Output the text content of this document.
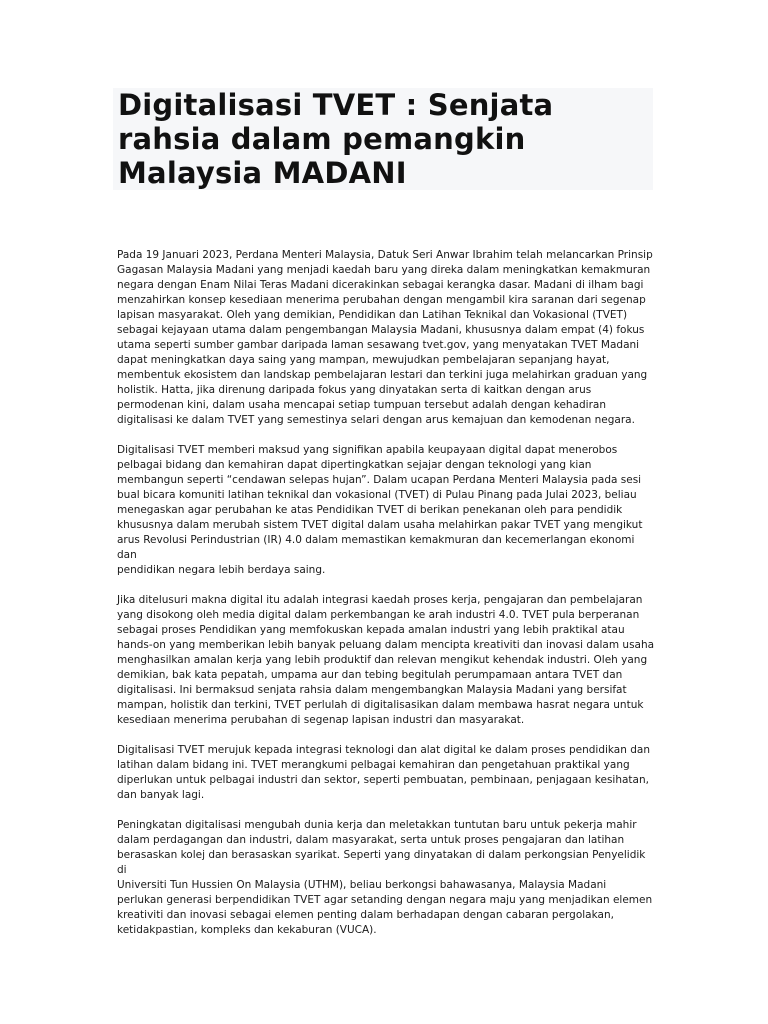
Digitalisasi TVET : Senjata
rahsia dalam pemangkin
Malaysia MADANI

Pada 19 Januari 2023, Perdana Menteri Malaysia, Datuk Seri Anwar Ibrahim telah melancarkan Prinsip
Gagasan Malaysia Madani yang menjadi kaedah baru yang direka dalam meningkatkan kemakmuran
negara dengan Enam Nilai Teras Madani dicerakinkan sebagai kerangka dasar. Madani di ilham bagi
menzahirkan konsep kesediaan menerima perubahan dengan mengambil kira saranan dari segenap
lapisan masyarakat. Oleh yang demikian, Pendidikan dan Latihan Teknikal dan Vokasional (TVET)
sebagai kejayaan utama dalam pengembangan Malaysia Madani, khususnya dalam empat (4) fokus
utama seperti sumber gambar daripada laman sesawang tvet.gov, yang menyatakan TVET Madani
dapat meningkatkan daya saing yang mampan, mewujudkan pembelajaran sepanjang hayat,
membentuk ekosistem dan landskap pembelajaran lestari dan terkini juga melahirkan graduan yang
holistik. Hatta, jika direnung daripada fokus yang dinyatakan serta di kaitkan dengan arus
permodenan kini, dalam usaha mencapai setiap tumpuan tersebut adalah dengan kehadiran
digitalisasi ke dalam TVET yang semestinya selari dengan arus kemajuan dan kemodenan negara.

Digitalisasi TVET memberi maksud yang signifikan apabila keupayaan digital dapat menerobos
pelbagai bidang dan kemahiran dapat dipertingkatkan sejajar dengan teknologi yang kian
membangun seperti “cendawan selepas hujan”. Dalam ucapan Perdana Menteri Malaysia pada sesi
bual bicara komuniti latihan teknikal dan vokasional (TVET) di Pulau Pinang pada Julai 2023, beliau
menegaskan agar perubahan ke atas Pendidikan TVET di berikan penekanan oleh para pendidik
khususnya dalam merubah sistem TVET digital dalam usaha melahirkan pakar TVET yang mengikut
arus Revolusi Perindustrian (IR) 4.0 dalam memastikan kemakmuran dan kecemerlangan ekonomi dan
pendidikan negara lebih berdaya saing.

Jika ditelusuri makna digital itu adalah integrasi kaedah proses kerja, pengajaran dan pembelajaran
yang disokong oleh media digital dalam perkembangan ke arah industri 4.0. TVET pula berperanan
sebagai proses Pendidikan yang memfokuskan kepada amalan industri yang lebih praktikal atau
hands-on yang memberikan lebih banyak peluang dalam mencipta kreativiti dan inovasi dalam usaha
menghasilkan amalan kerja yang lebih produktif dan relevan mengikut kehendak industri. Oleh yang
demikian, bak kata pepatah, umpama aur dan tebing begitulah perumpamaan antara TVET dan
digitalisasi. Ini bermaksud senjata rahsia dalam mengembangkan Malaysia Madani yang bersifat
mampan, holistik dan terkini, TVET perlulah di digitalisasikan dalam membawa hasrat negara untuk
kesediaan menerima perubahan di segenap lapisan industri dan masyarakat.

Digitalisasi TVET merujuk kepada integrasi teknologi dan alat digital ke dalam proses pendidikan dan
latihan dalam bidang ini. TVET merangkumi pelbagai kemahiran dan pengetahuan praktikal yang
diperlukan untuk pelbagai industri dan sektor, seperti pembuatan, pembinaan, penjagaan kesihatan,
dan banyak lagi.

Peningkatan digitalisasi mengubah dunia kerja dan meletakkan tuntutan baru untuk pekerja mahir
dalam perdagangan dan industri, dalam masyarakat, serta untuk proses pengajaran dan latihan
berasaskan kolej dan berasaskan syarikat. Seperti yang dinyatakan di dalam perkongsian Penyelidik di
Universiti Tun Hussien On Malaysia (UTHM), beliau berkongsi bahawasanya, Malaysia Madani
perlukan generasi berpendidikan TVET agar setanding dengan negara maju yang menjadikan elemen
kreativiti dan inovasi sebagai elemen penting dalam berhadapan dengan cabaran pergolakan,
ketidakpastian, kompleks dan kekaburan (VUCA).
